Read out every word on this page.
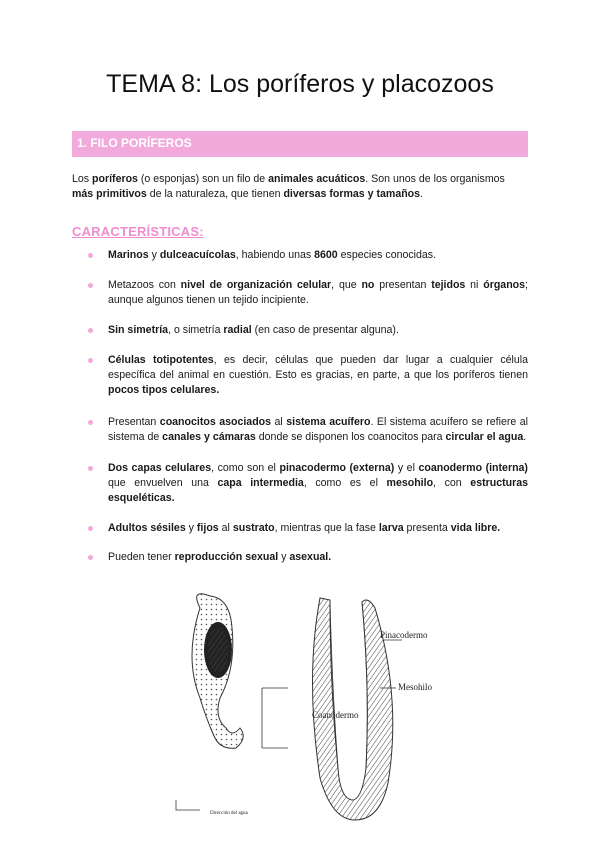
TEMA 8: Los poríferos y placozoos
1. FILO PORÍFEROS

Los poríferos (o esponjas) son un filo de animales acuáticos. Son unos de los organismos más primitivos de la naturaleza, que tienen diversas formas y tamaños.

CARACTERÍSTICAS:
Marinos y dulceacuícolas, habiendo unas 8600 especies conocidas.
Metazoos con nivel de organización celular, que no presentan tejidos ni órganos; aunque algunos tienen un tejido incipiente.
Sin simetría, o simetría radial (en caso de presentar alguna).
Células totipotentes, es decir, células que pueden dar lugar a cualquier célula específica del animal en cuestión. Esto es gracias, en parte, a que los poríferos tienen pocos tipos celulares.
Presentan coanocitos asociados al sistema acuífero. El sistema acuífero se refiere al sistema de canales y cámaras donde se disponen los coanocitos para circular el agua.
Dos capas celulares, como son el pinacodermo (externa) y el coanodermo (interna) que envuelven una capa intermedia, como es el mesohilo, con estructuras esqueléticas.
Adultos sésiles y fijos al sustrato, mientras que la fase larva presenta vida libre.
Pueden tener reproducción sexual y asexual.
Pinacodermo
Mesohilo
Coanodermo
Dirección del agua
